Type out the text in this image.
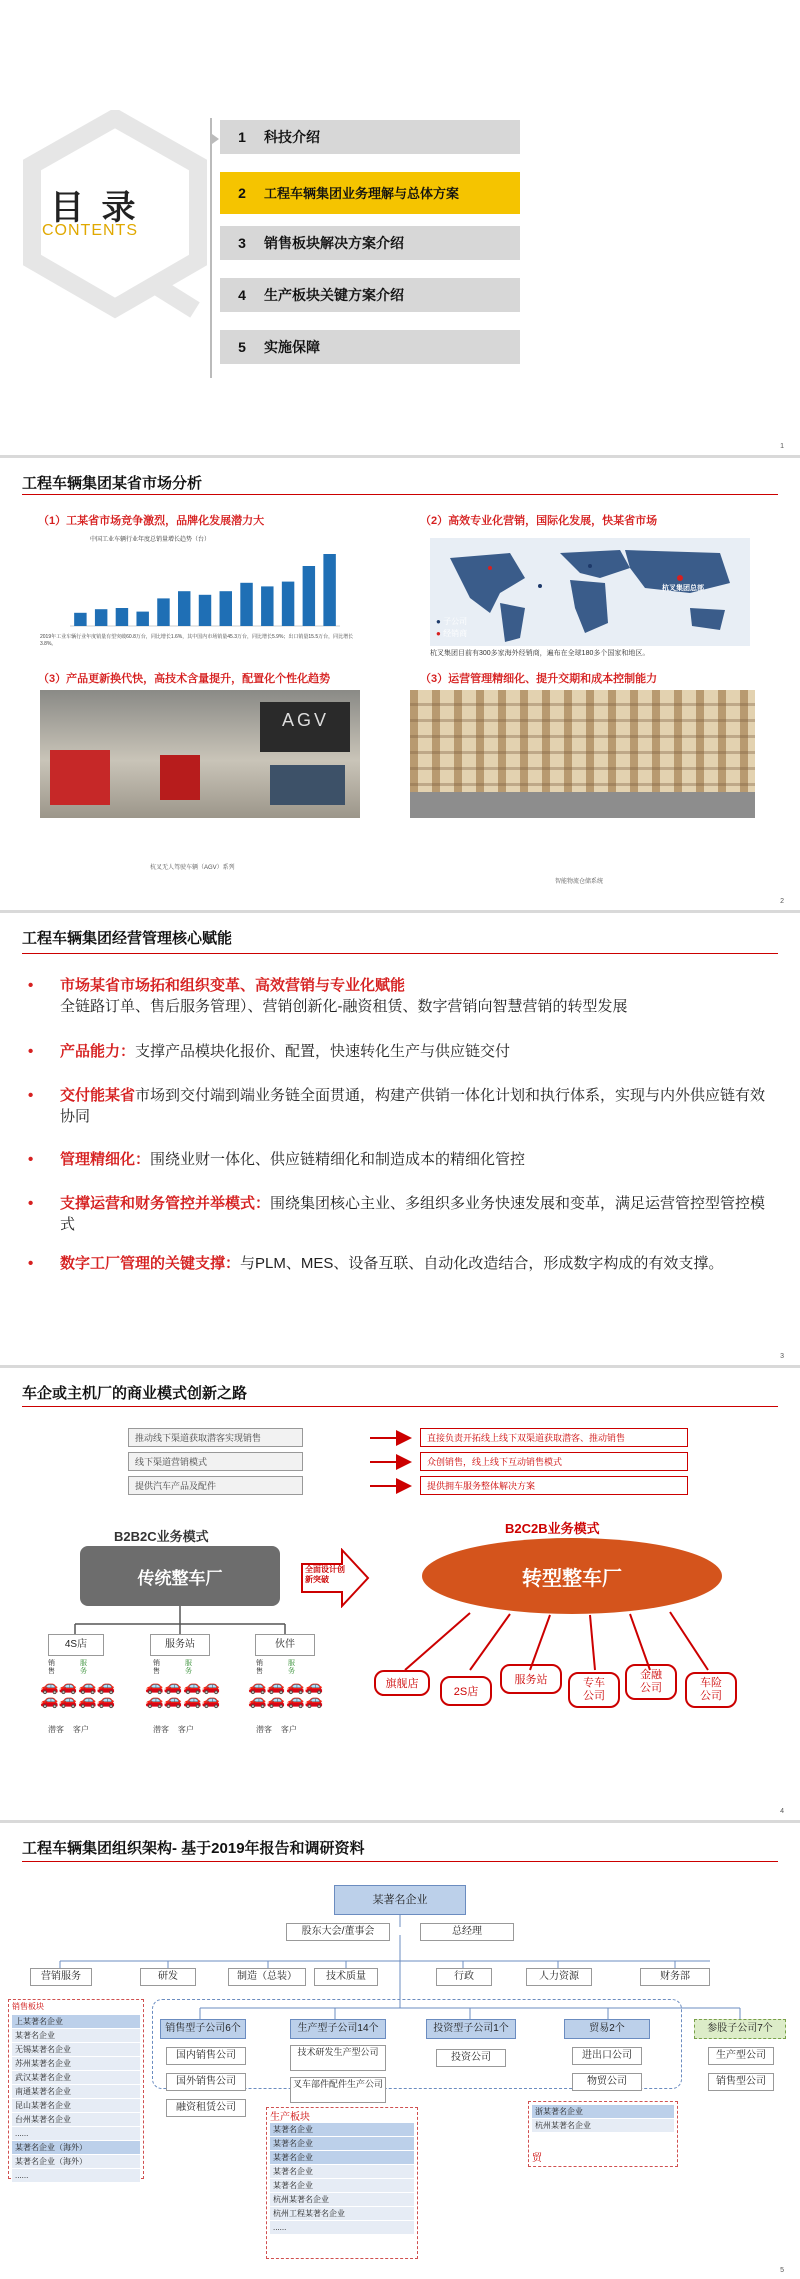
目 录
CONTENTS
1	科技介绍
2	工程车辆集团业务理解与总体方案
3	销售板块解决方案介绍
4	生产板块关键方案介绍
5	实施保障
1
工程车辆集团某省市场分析
（1）工某省市场竞争激烈，品牌化发展潜力大
中国工业车辆行业年度总销量增长趋势（台）
2019年工业车辆行业年度销量有望突破60.8万台，同比增长1.6%，其中国内市场销量45.3万台，同比增长5.9%；出口销量15.5万台，同比增长3.8%。
（2）高效专业化营销，国际化发展，快某省市场
杭叉集团总部
● 子公司
● 经销商
杭叉集团目前有300多家海外经销商，遍布在全球180多个国家和地区。
（3）产品更新换代快，高技术含量提升，配置化个性化趋势
AGV
杭叉无人驾驶车辆（AGV）系列
（3）运营管理精细化、提升交期和成本控制能力
智能物流仓储系统
2
工程车辆集团经营管理核心赋能
•	市场某省市场拓和组织变革、高效营销与专业化赋能
全链路订单、售后服务管理）、营销创新化-融资租赁、数字营销向智慧营销的转型发展
•	产品能力：支撑产品模块化报价、配置，快速转化生产与供应链交付
•	交付能某省市场到交付端到端业务链全面贯通，构建产供销一体化计划和执行体系，实现与内外供应链有效协同
•	管理精细化：围绕业财一体化、供应链精细化和制造成本的精细化管控
•	支撑运营和财务管控并举模式：围绕集团核心主业、多组织多业务快速发展和变革，满足运营管控型管控模式
•	数字工厂管理的关键支撑：与PLM、MES、设备互联、自动化改造结合，形成数字构成的有效支撑。
3
车企或主机厂的商业模式创新之路
推动线下渠道获取潜客实现销售
线下渠道营销模式
提供汽车产品及配件
直接负责开拓线上线下双渠道获取潜客、推动销售
众创销售，线上线下互动销售模式
提供拥车服务整体解决方案
B2B2C业务模式
B2C2B业务模式
传统整车厂	全面设计创新突破	转型整车厂
4S店	服务站	伙伴
销售
服务
🚗🚗
🚗🚗
🚗🚗
🚗🚗
潜客 客户
销售
服务
🚗🚗
🚗🚗
🚗🚗
🚗🚗
潜客 客户
销售
服务
🚗🚗
🚗🚗
🚗🚗
🚗🚗
潜客 客户
旗舰店
2S店
服务站	专车公司
金融公司	车险公司
4
工程车辆集团组织架构- 基于2019年报告和调研资料
某著名企业
股东大会/董事会	总经理
营销服务	研发	制造（总装）	技术质量	行政	人力资源	财务部
销售板块
上某著名企业
某著名企业
无锡某著名企业
苏州某著名企业
武汉某著名企业
南通某著名企业
昆山某著名企业
台州某著名企业
......
某著名企业（海外）
某著名企业（海外）
......
销售型子公司6个
国内销售公司
国外销售公司
融资租赁公司
生产型子公司14个
技术研发生产型公司
叉车部件配件生产公司
投资型子公司1个
投资公司
贸易2个
进出口公司
物贸公司
参股子公司7个
生产型公司
销售型公司
生产板块
某著名企业
某著名企业
某著名企业
某著名企业
某著名企业
杭州某著名企业
杭州工程某著名企业
......
浙某著名企业
杭州某著名企业
贸
5
